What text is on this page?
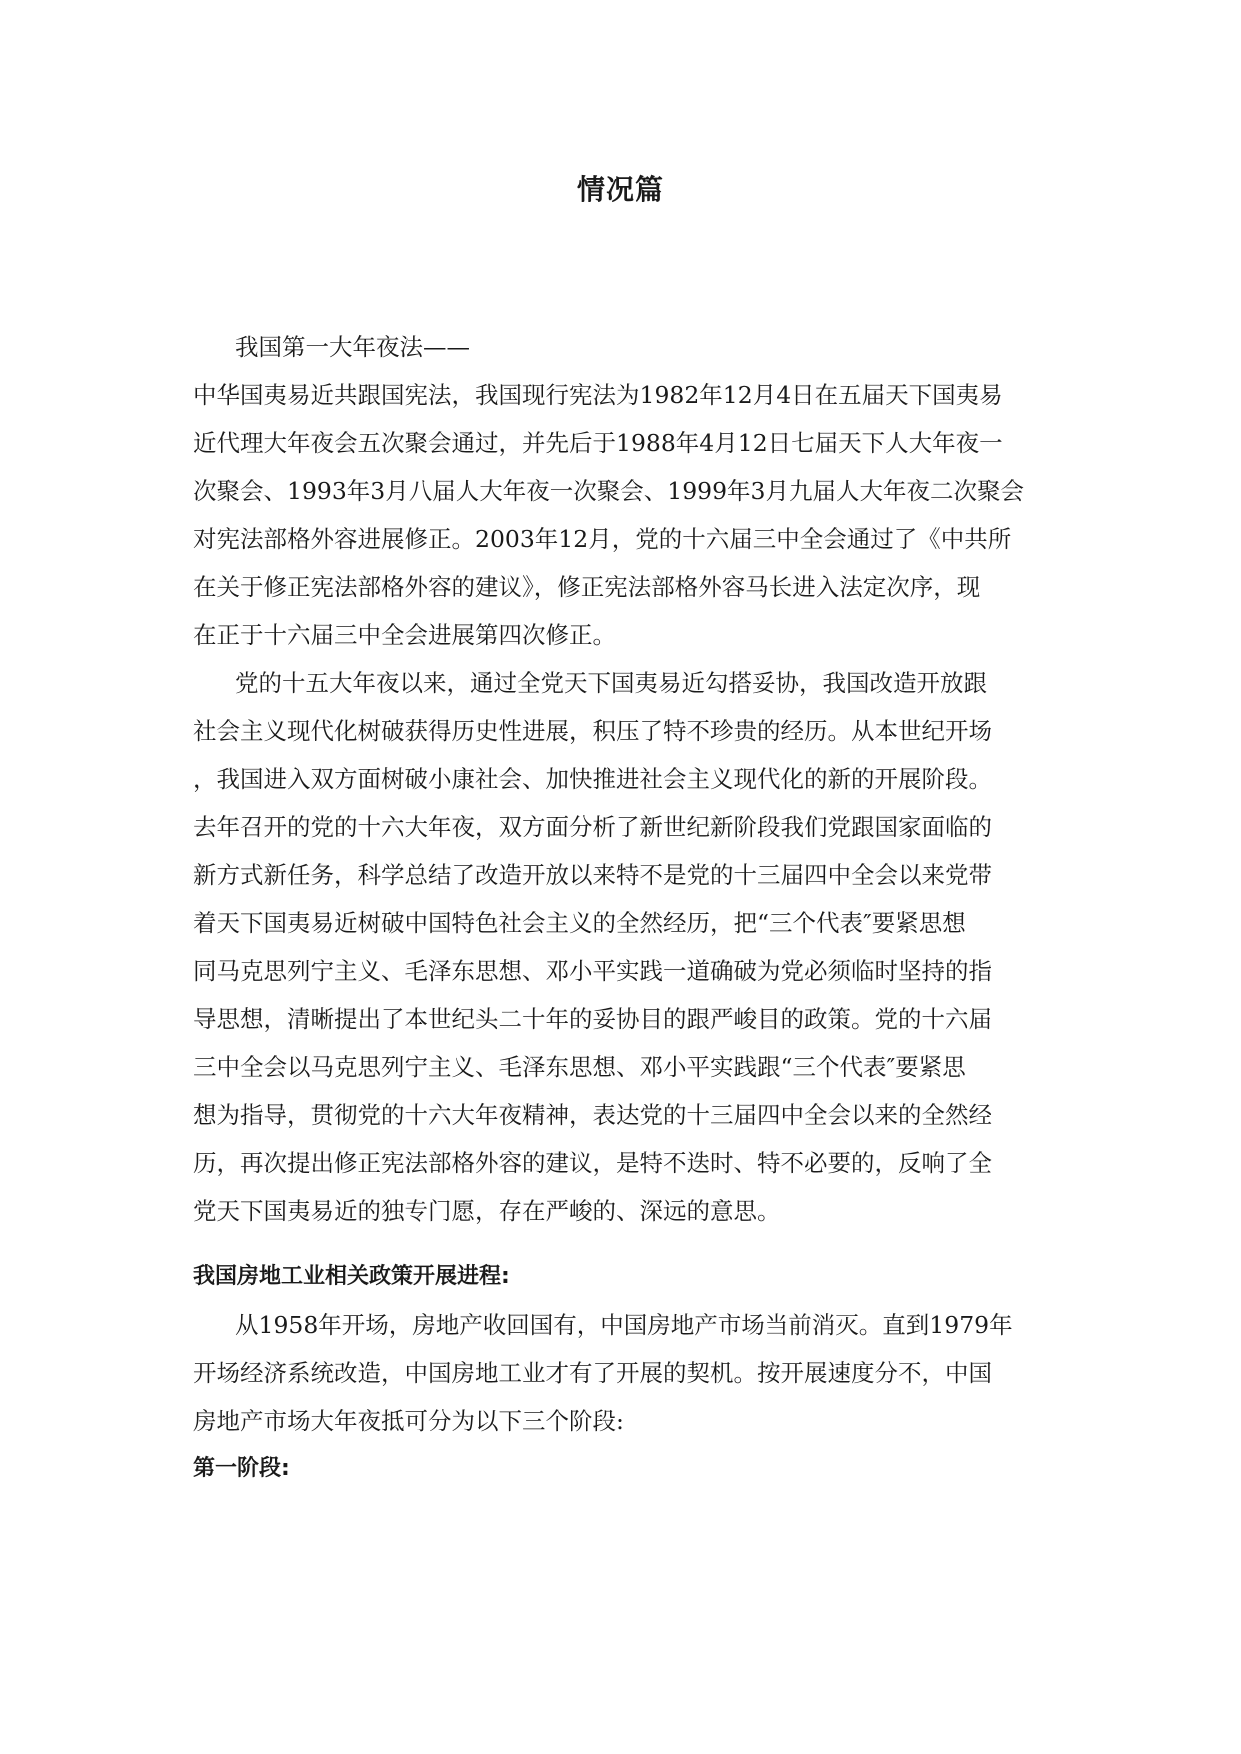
情况篇

我国第一大年夜法——

中华国夷易近共跟国宪法，我国现行宪法为1982年12月4日在五届天下国夷易

近代理大年夜会五次聚会通过，并先后于1988年4月12日七届天下人大年夜一

次聚会、1993年3月八届人大年夜一次聚会、1999年3月九届人大年夜二次聚会

对宪法部格外容进展修正。2003年12月，党的十六届三中全会通过了《中共所

在关于修正宪法部格外容的建议》，修正宪法部格外容马长进入法定次序，现

在正于十六届三中全会进展第四次修正。

党的十五大年夜以来，通过全党天下国夷易近勾搭妥协，我国改造开放跟

社会主义现代化树破获得历史性进展，积压了特不珍贵的经历。从本世纪开场

，我国进入双方面树破小康社会、加快推进社会主义现代化的新的开展阶段。

去年召开的党的十六大年夜，双方面分析了新世纪新阶段我们党跟国家面临的

新方式新任务，科学总结了改造开放以来特不是党的十三届四中全会以来党带

着天下国夷易近树破中国特色社会主义的全然经历，把“三个代表″要紧思想

同马克思列宁主义、毛泽东思想、邓小平实践一道确破为党必须临时坚持的指

导思想，清晰提出了本世纪头二十年的妥协目的跟严峻目的政策。党的十六届

三中全会以马克思列宁主义、毛泽东思想、邓小平实践跟“三个代表″要紧思

想为指导，贯彻党的十六大年夜精神，表达党的十三届四中全会以来的全然经

历，再次提出修正宪法部格外容的建议，是特不迭时、特不必要的，反响了全

党天下国夷易近的独专门愿，存在严峻的、深远的意思。

我国房地工业相关政策开展进程:

从1958年开场，房地产收回国有，中国房地产市场当前消灭。直到1979年

开场经济系统改造，中国房地工业才有了开展的契机。按开展速度分不，中国

房地产市场大年夜抵可分为以下三个阶段:

第一阶段:
